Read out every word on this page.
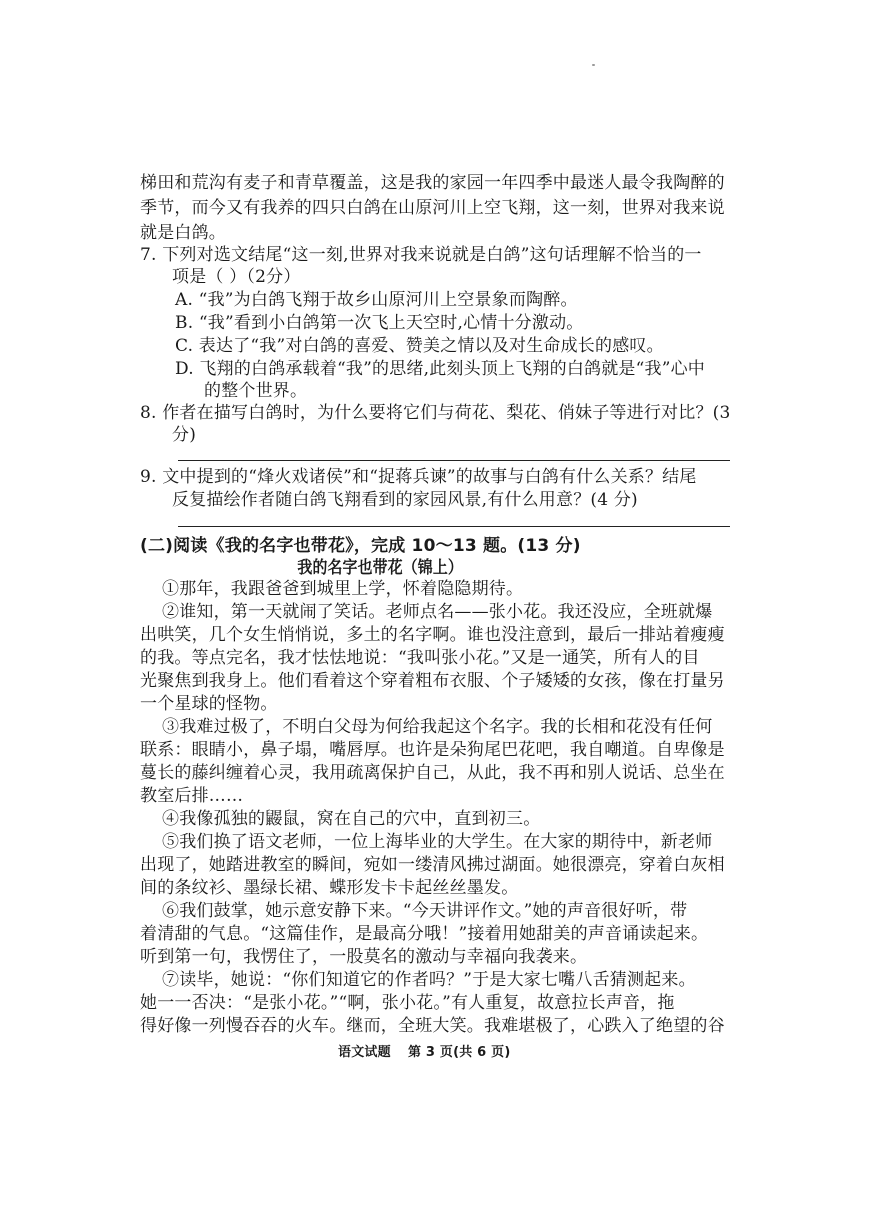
梯田和荒沟有麦子和青草覆盖，这是我的家园一年四季中最迷人最令我陶醉的
季节，而今又有我养的四只白鸽在山原河川上空飞翔，这一刻，世界对我来说
就是白鸽。
7. 下列对选文结尾“这一刻,世界对我来说就是白鸽”这句话理解不恰当的一
项是（ ）（2分）
A. “我”为白鸽飞翔于故乡山原河川上空景象而陶醉。
B. “我”看到小白鸽第一次飞上天空时,心情十分激动。
C. 表达了“我”对白鸽的喜爱、赞美之情以及对生命成长的感叹。
D. 飞翔的白鸽承载着“我”的思绪,此刻头顶上飞翔的白鸽就是“我”心中
的整个世界。
8. 作者在描写白鸽时，为什么要将它们与荷花、梨花、俏妹子等进行对比？(3
分)
9. 文中提到的“烽火戏诸侯”和“捉蒋兵谏”的故事与白鸽有什么关系？结尾
反复描绘作者随白鸽飞翔看到的家园风景,有什么用意？(4 分)
(二)阅读《我的名字也带花》，完成 10～13 题。(13 分)
我的名字也带花（锦上）
①那年，我跟爸爸到城里上学，怀着隐隐期待。
②谁知，第一天就闹了笑话。老师点名——张小花。我还没应，全班就爆
出哄笑，几个女生悄悄说，多土的名字啊。谁也没注意到，最后一排站着瘦瘦
的我。等点完名，我才怯怯地说：“我叫张小花。”又是一通笑，所有人的目
光聚焦到我身上。他们看着这个穿着粗布衣服、个子矮矮的女孩，像在打量另
一个星球的怪物。
③我难过极了，不明白父母为何给我起这个名字。我的长相和花没有任何
联系：眼睛小，鼻子塌，嘴唇厚。也许是朵狗尾巴花吧，我自嘲道。自卑像是
蔓长的藤纠缠着心灵，我用疏离保护自己，从此，我不再和别人说话、总坐在
教室后排……
④我像孤独的鼹鼠，窝在自己的穴中，直到初三。
⑤我们换了语文老师，一位上海毕业的大学生。在大家的期待中，新老师
出现了，她踏进教室的瞬间，宛如一缕清风拂过湖面。她很漂亮，穿着白灰相
间的条纹衫、墨绿长裙、蝶形发卡卡起丝丝墨发。
⑥我们鼓掌，她示意安静下来。“今天讲评作文。”她的声音很好听，带
着清甜的气息。“这篇佳作，是最高分哦！”接着用她甜美的声音诵读起来。
听到第一句，我愣住了，一股莫名的激动与幸福向我袭来。
⑦读毕，她说：“你们知道它的作者吗？”于是大家七嘴八舌猜测起来。
她一一否决：“是张小花。”“啊，张小花。”有人重复，故意拉长声音，拖
得好像一列慢吞吞的火车。继而，全班大笑。我难堪极了，心跌入了绝望的谷
语文试题 第 3 页(共 6 页)
